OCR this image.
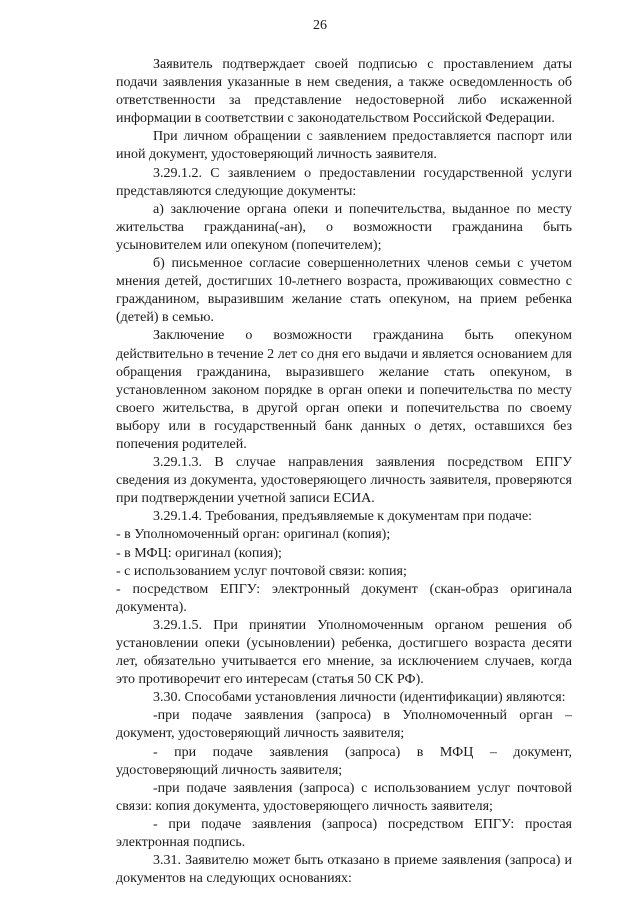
26

Заявитель подтверждает своей подписью с проставлением даты подачи заявления указанные в нем сведения, а также осведомленность об ответственности за представление недостоверной либо искаженной информации в соответствии с законодательством Российской Федерации.

При личном обращении с заявлением предоставляется паспорт или иной документ, удостоверяющий личность заявителя.

3.29.1.2. С заявлением о предоставлении государственной услуги представляются следующие документы:

а) заключение органа опеки и попечительства, выданное по месту жительства гражданина(-ан), о возможности гражданина быть усыновителем или опекуном (попечителем);

б) письменное согласие совершеннолетних членов семьи с учетом мнения детей, достигших 10-летнего возраста, проживающих совместно с гражданином, выразившим желание стать опекуном, на прием ребенка (детей) в семью.

Заключение о возможности гражданина быть опекуном действительно в течение 2 лет со дня его выдачи и является основанием для обращения гражданина, выразившего желание стать опекуном, в установленном законом порядке в орган опеки и попечительства по месту своего жительства, в другой орган опеки и попечительства по своему выбору или в государственный банк данных о детях, оставшихся без попечения родителей.

3.29.1.3. В случае направления заявления посредством ЕПГУ сведения из документа, удостоверяющего личность заявителя, проверяются при подтверждении учетной записи ЕСИА.

3.29.1.4. Требования, предъявляемые к документам при подаче:

- в Уполномоченный орган: оригинал (копия);

- в МФЦ: оригинал (копия);

- с использованием услуг почтовой связи: копия;

- посредством ЕПГУ: электронный документ (скан-образ оригинала документа).

3.29.1.5. При принятии Уполномоченным органом решения об установлении опеки (усыновлении) ребенка, достигшего возраста десяти лет, обязательно учитывается его мнение, за исключением случаев, когда это противоречит его интересам (статья 50 СК РФ).

3.30. Способами установления личности (идентификации) являются:

-при подаче заявления (запроса) в Уполномоченный орган – документ, удостоверяющий личность заявителя;

- при подаче заявления (запроса) в МФЦ – документ, удостоверяющий личность заявителя;

-при подаче заявления (запроса) с использованием услуг почтовой связи: копия документа, удостоверяющего личность заявителя;

- при подаче заявления (запроса) посредством ЕПГУ: простая электронная подпись.

3.31. Заявителю может быть отказано в приеме заявления (запроса) и документов на следующих основаниях:
